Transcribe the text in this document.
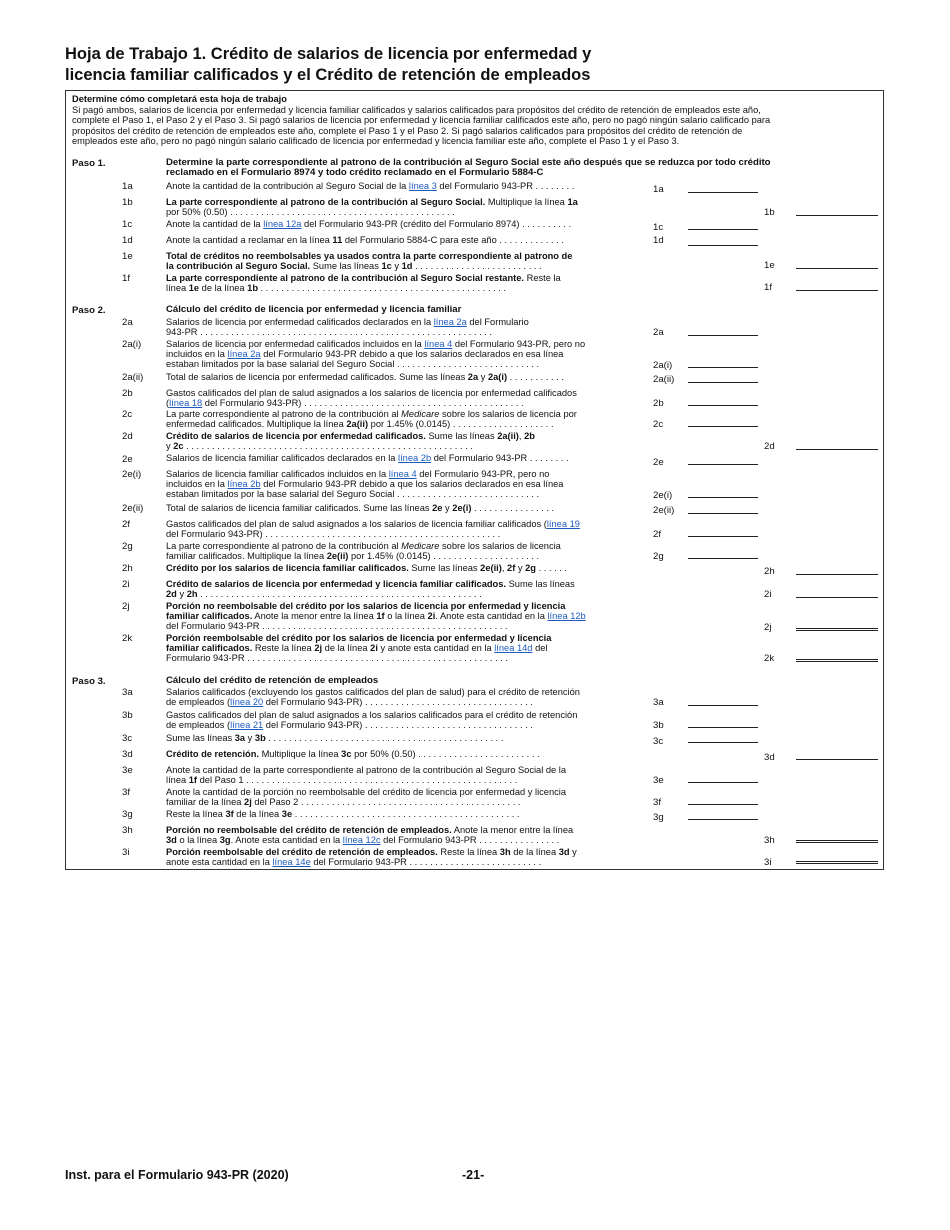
Hoja de Trabajo 1. Crédito de salarios de licencia por enfermedad y
licencia familiar calificados y el Crédito de retención de empleados
Determine cómo completará esta hoja de trabajo
Si pagó ambos, salarios de licencia por enfermedad y licencia familiar calificados y salarios calificados para propósitos del crédito de retención de empleados este año,
complete el Paso 1, el Paso 2 y el Paso 3. Si pagó salarios de licencia por enfermedad y licencia familiar calificados este año, pero no pagó ningún salario calificado para
propósitos del crédito de retención de empleados este año, complete el Paso 1 y el Paso 2. Si pagó salarios calificados para propósitos del crédito de retención de
empleados este año, pero no pagó ningún salario calificado de licencia por enfermedad y licencia familiar este año, complete el Paso 1 y el Paso 3.
Paso 1.	Determine la parte correspondiente al patrono de la contribución al Seguro Social este año después que se reduzca por todo crédito
reclamado en el Formulario 8974 y todo crédito reclamado en el Formulario 5884-C
1a	Anote la cantidad de la contribución al Seguro Social de la línea 3 del Formulario 943-PR . . . . . . . .	1a
1b	La parte correspondiente al patrono de la contribución al Seguro Social. Multiplique la línea 1a
por 50% (0.50) . . . . . . . . . . . . . . . . . . . . . . . . . . . . . . . . . . . . . . . . . . . .	1b
1c	Anote la cantidad de la línea 12a del Formulario 943-PR (crédito del Formulario 8974) . . . . . . . . . .	1c
1d	Anote la cantidad a reclamar en la línea 11 del Formulario 5884-C para este año . . . . . . . . . . . . .	1d
1e	Total de créditos no reembolsables ya usados contra la parte correspondiente al patrono de
la contribución al Seguro Social. Sume las líneas 1c y 1d . . . . . . . . . . . . . . . . . . . . . . . . .	1e
1f	La parte correspondiente al patrono de la contribución al Seguro Social restante. Reste la
línea 1e de la línea 1b . . . . . . . . . . . . . . . . . . . . . . . . . . . . . . . . . . . . . . . . . . . . . . . .	1f
Paso 2.	Cálculo del crédito de licencia por enfermedad y licencia familiar
2a	Salarios de licencia por enfermedad calificados declarados en la línea 2a del Formulario
943-PR . . . . . . . . . . . . . . . . . . . . . . . . . . . . . . . . . . . . . . . . . . . . . . . . . . . . . . . . .	2a
2a(i)	Salarios de licencia por enfermedad calificados incluidos en la línea 4 del Formulario 943-PR, pero no
incluidos en la línea 2a del Formulario 943-PR debido a que los salarios declarados en esa línea
estaban limitados por la base salarial del Seguro Social . . . . . . . . . . . . . . . . . . . . . . . . . . . .	2a(i)
2a(ii) Total de salarios de licencia por enfermedad calificados. Sume las líneas 2a y 2a(i) . . . . . . . . . . .	2a(ii)
2b	Gastos calificados del plan de salud asignados a los salarios de licencia por enfermedad calificados
(línea 18 del Formulario 943-PR) . . . . . . . . . . . . . . . . . . . . . . . . . . . . . . . . . . . . . . . . . . .	2b
2c	La parte correspondiente al patrono de la contribución al Medicare sobre los salarios de licencia por
enfermedad calificados. Multiplique la línea 2a(ii) por 1.45% (0.0145) . . . . . . . . . . . . . . . . . . . .	2c
2d	Crédito de salarios de licencia por enfermedad calificados. Sume las líneas 2a(ii), 2b
y 2c . . . . . . . . . . . . . . . . . . . . . . . . . . . . . . . . . . . . . . . . . . . . . . . . . . . . . . . .	2d
2e	Salarios de licencia familiar calificados declarados en la línea 2b del Formulario 943-PR . . . . . . . .	2e
2e(i)	Salarios de licencia familiar calificados incluidos en la línea 4 del Formulario 943-PR, pero no
incluidos en la línea 2b del Formulario 943-PR debido a que los salarios declarados en esa línea
estaban limitados por la base salarial del Seguro Social . . . . . . . . . . . . . . . . . . . . . . . . . . . .	2e(i)
2e(ii) Total de salarios de licencia familiar calificados. Sume las líneas 2e y 2e(i) . . . . . . . . . . . . . . . .	2e(ii)
2f	Gastos calificados del plan de salud asignados a los salarios de licencia familiar calificados (línea 19
del Formulario 943-PR) . . . . . . . . . . . . . . . . . . . . . . . . . . . . . . . . . . . . . . . . . . . . . .	2f
2g	La parte correspondiente al patrono de la contribución al Medicare sobre los salarios de licencia
familiar calificados. Multiplique la línea 2e(ii) por 1.45% (0.0145) . . . . . . . . . . . . . . . . . . . . .	2g
2h	Crédito por los salarios de licencia familiar calificados. Sume las líneas 2e(ii), 2f y 2g . . . . . .	2h
2i	Crédito de salarios de licencia por enfermedad y licencia familiar calificados. Sume las líneas
2d y 2h . . . . . . . . . . . . . . . . . . . . . . . . . . . . . . . . . . . . . . . . . . . . . . . . . . . . . . .	2i
2j	Porción no reembolsable del crédito por los salarios de licencia por enfermedad y licencia
familiar calificados. Anote la menor entre la línea 1f o la línea 2i. Anote esta cantidad en la línea 12b
del Formulario 943-PR . . . . . . . . . . . . . . . . . . . . . . . . . . . . . . . . . . . . . . . . . . . . . . . .	2j
2k	Porción reembolsable del crédito por los salarios de licencia por enfermedad y licencia
familiar calificados. Reste la línea 2j de la línea 2i y anote esta cantidad en la línea 14d del
Formulario 943-PR . . . . . . . . . . . . . . . . . . . . . . . . . . . . . . . . . . . . . . . . . . . . . . . . . . .	2k
Paso 3.	Cálculo del crédito de retención de empleados
3a	Salarios calificados (excluyendo los gastos calificados del plan de salud) para el crédito de retención
de empleados (línea 20 del Formulario 943-PR) . . . . . . . . . . . . . . . . . . . . . . . . . . . . . . . . .	3a
3b	Gastos calificados del plan de salud asignados a los salarios calificados para el crédito de retención
de empleados (línea 21 del Formulario 943-PR) . . . . . . . . . . . . . . . . . . . . . . . . . . . . . . . . .	3b
3c	Sume las líneas 3a y 3b . . . . . . . . . . . . . . . . . . . . . . . . . . . . . . . . . . . . . . . . . . . . . .	3c
3d	Crédito de retención. Multiplique la línea 3c por 50% (0.50) . . . . . . . . . . . . . . . . . . . . . . . .	3d
3e	Anote la cantidad de la parte correspondiente al patrono de la contribución al Seguro Social de la
línea 1f del Paso 1 . . . . . . . . . . . . . . . . . . . . . . . . . . . . . . . . . . . . . . . . . . . . . . . . . . . . .	3e
3f	Anote la cantidad de la porción no reembolsable del crédito de licencia por enfermedad y licencia
familiar de la línea 2j del Paso 2 . . . . . . . . . . . . . . . . . . . . . . . . . . . . . . . . . . . . . . . . . . .	3f
3g	Reste la línea 3f de la línea 3e . . . . . . . . . . . . . . . . . . . . . . . . . . . . . . . . . . . . . . . . . . . .	3g
3h	Porción no reembolsable del crédito de retención de empleados. Anote la menor entre la línea
3d o la línea 3g. Anote esta cantidad en la línea 12c del Formulario 943-PR . . . . . . . . . . . . . . . .	3h
3i	Porción reembolsable del crédito de retención de empleados. Reste la línea 3h de la línea 3d y
anote esta cantidad en la línea 14e del Formulario 943-PR . . . . . . . . . . . . . . . . . . . . . . . . . .	3i
Inst. para el Formulario 943-PR (2020)	-21-
